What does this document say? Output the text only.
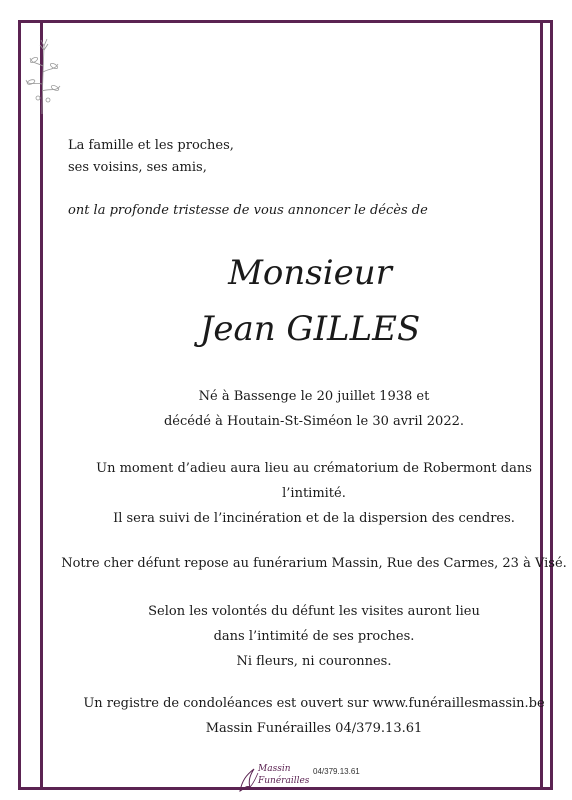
La famille et les proches,
ses voisins, ses amis,
ont la profonde tristesse de vous annoncer le décès de
Monsieur
Jean GILLES
Né à Bassenge le 20 juillet 1938 et
décédé à Houtain-St-Siméon le 30 avril 2022.
Un moment d’adieu aura lieu au crématorium de Robermont dans
l’intimité.
Il sera suivi de l’incinération et de la dispersion des cendres.
Notre cher défunt repose au funérarium Massin, Rue des Carmes, 23 à Visé.
Selon les volontés du défunt les visites auront lieu
dans l’intimité de ses proches.
Ni fleurs, ni couronnes.
Un registre de condoléances est ouvert sur www.funéraillesmassin.be
Massin Funérailles 04/379.13.61
Massin
Funérailles
04/379.13.61
